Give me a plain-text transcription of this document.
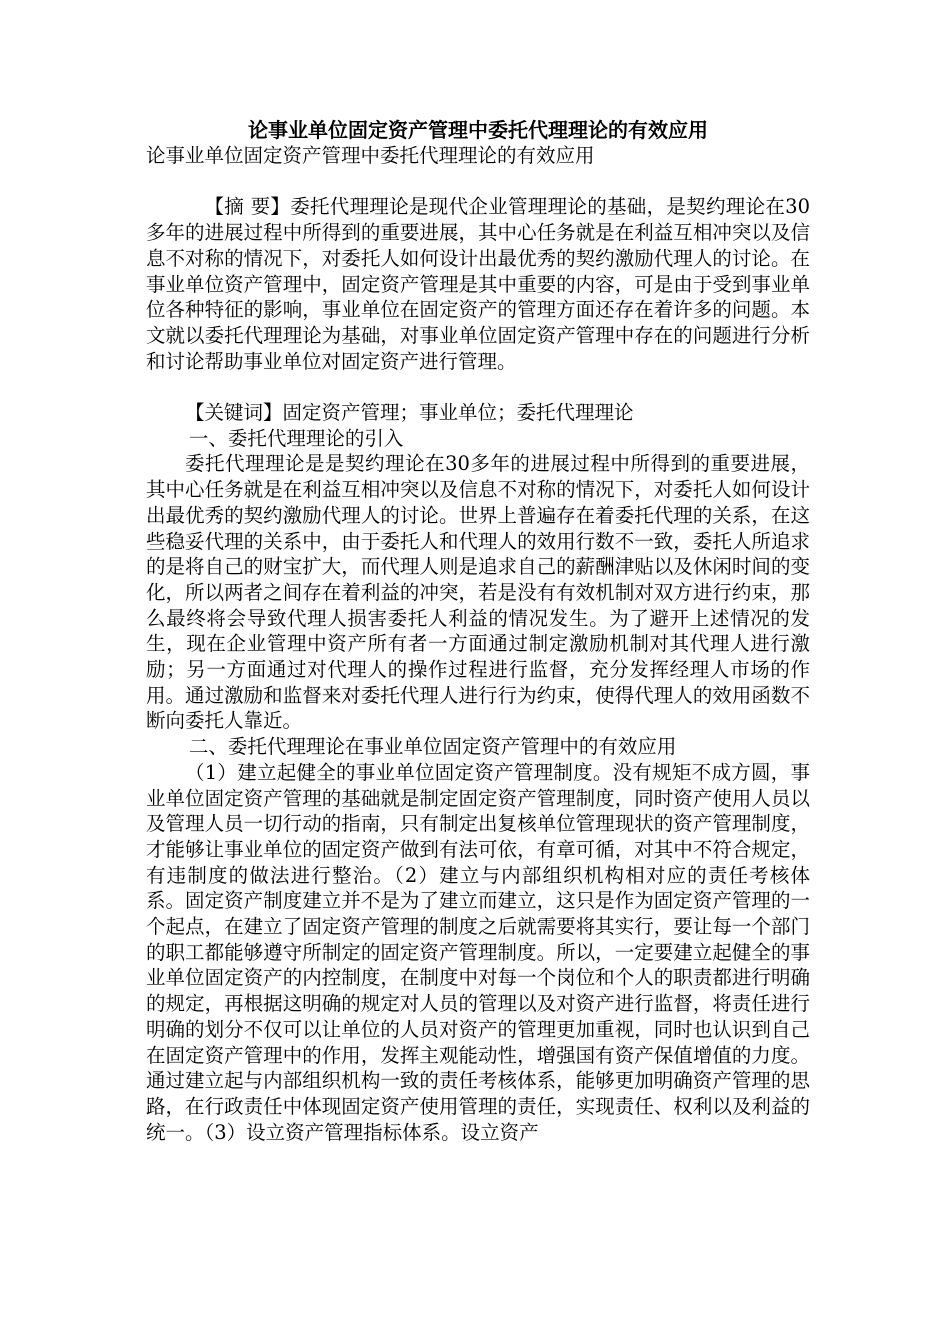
论事业单位固定资产管理中委托代理理论的有效应用
论事业单位固定资产管理中委托代理理论的有效应用

【摘 要】委托代理理论是现代企业管理理论的基础，是契约理论在30多年的进展过程中所得到的重要进展，其中心任务就是在利益互相冲突以及信息不对称的情况下，对委托人如何设计出最优秀的契约激励代理人的讨论。在事业单位资产管理中，固定资产管理是其中重要的内容，可是由于受到事业单位各种特征的影响，事业单位在固定资产的管理方面还存在着许多的问题。本文就以委托代理理论为基础，对事业单位固定资产管理中存在的问题进行分析和讨论帮助事业单位对固定资产进行管理。

【关键词】固定资产管理；事业单位；委托代理理论

一、委托代理理论的引入

委托代理理论是是契约理论在30多年的进展过程中所得到的重要进展，其中心任务就是在利益互相冲突以及信息不对称的情况下，对委托人如何设计出最优秀的契约激励代理人的讨论。世界上普遍存在着委托代理的关系，在这些稳妥代理的关系中，由于委托人和代理人的效用行数不一致，委托人所追求的是将自己的财宝扩大，而代理人则是追求自己的薪酬津贴以及休闲时间的变化，所以两者之间存在着利益的冲突，若是没有有效机制对双方进行约束，那么最终将会导致代理人损害委托人利益的情况发生。为了避开上述情况的发生，现在企业管理中资产所有者一方面通过制定激励机制对其代理人进行激励；另一方面通过对代理人的操作过程进行监督，充分发挥经理人市场的作用。通过激励和监督来对委托代理人进行行为约束，使得代理人的效用函数不断向委托人靠近。

二、委托代理理论在事业单位固定资产管理中的有效应用

（1）建立起健全的事业单位固定资产管理制度。没有规矩不成方圆，事业单位固定资产管理的基础就是制定固定资产管理制度，同时资产使用人员以及管理人员一切行动的指南，只有制定出复核单位管理现状的资产管理制度，才能够让事业单位的固定资产做到有法可依，有章可循，对其中不符合规定，有违制度的做法进行整治。（2）建立与内部组织机构相对应的责任考核体系。固定资产制度建立并不是为了建立而建立，这只是作为固定资产管理的一个起点，在建立了固定资产管理的制度之后就需要将其实行，要让每一个部门的职工都能够遵守所制定的固定资产管理制度。所以，一定要建立起健全的事业单位固定资产的内控制度，在制度中对每一个岗位和个人的职责都进行明确的规定，再根据这明确的规定对人员的管理以及对资产进行监督，将责任进行明确的划分不仅可以让单位的人员对资产的管理更加重视，同时也认识到自己在固定资产管理中的作用，发挥主观能动性，增强国有资产保值增值的力度。通过建立起与内部组织机构一致的责任考核体系，能够更加明确资产管理的思路，在行政责任中体现固定资产使用管理的责任，实现责任、权利以及利益的统一。（3）设立资产管理指标体系。设立资产
